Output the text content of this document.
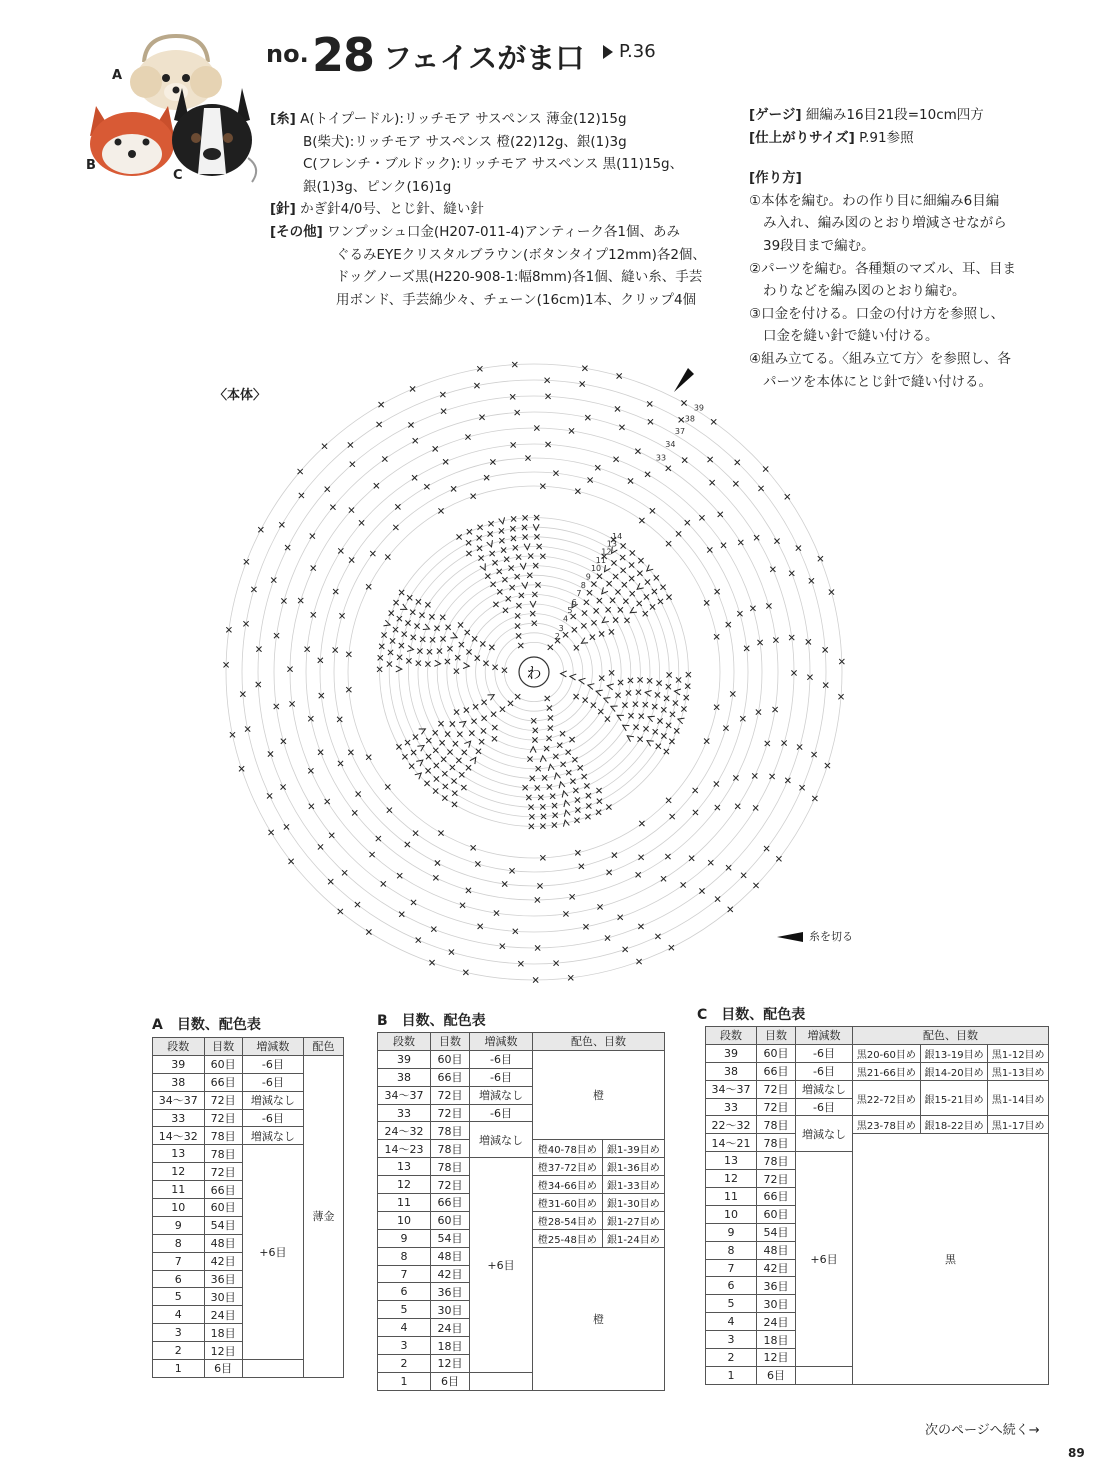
no. 28 フェイスがま口	P.36
A
B
C
[糸] A(トイプードル):リッチモア サスペンス 薄金(12)15g
B(柴犬):リッチモア サスペンス 橙(22)12g、銀(1)3g
C(フレンチ・ブルドック):リッチモア サスペンス 黒(11)15g、
銀(1)3g、ピンク(16)1g
[針] かぎ針4/0号、とじ針、縫い針
[その他] ワンプッシュ口金(H207-011-4)アンティーク各1個、あみ
ぐるみEYEクリスタルブラウン(ボタンタイプ12mm)各2個、
ドッグノーズ黒(H220-908-1:幅8mm)各1個、縫い糸、手芸
用ボンド、手芸綿少々、チェーン(16cm)1本、クリップ4個
[ゲージ] 細編み16目21段=10cm四方
[仕上がりサイズ] P.91参照
[作り方]
①本体を編む。わの作り目に細編み6目編
み入れ、編み図のとおり増減させながら
39段目まで編む。
②パーツを編む。各種類のマズル、耳、目ま
わりなどを編み図のとおり編む。
③口金を付ける。口金の付け方を参照し、
口金を縫い針で縫い付ける。
④組み立てる。〈組み立て方〉を参照し、各
パーツを本体にとじ針で縫い付ける。
〈本体〉
2
3
4
5
6
7
8
9
10
11
12
13
14
33
34
37
38
39
わ
糸を切る
A　目数、配色表
段数	目数	増減数	配色
39	60目	-6目	薄金
38	66目	-6目	
34～37	72目	増減なし	
33	72目	-6目	
14～32	78目	増減なし	
13	78目	+6目	
12	72目		
11	66目		
10	60目		
9	54目		
8	48目		
7	42目		
6	36目		
5	30目		
4	24目		
3	18目		
2	12目		
1	6目		
B　目数、配色表
段数	目数	増減数	配色、目数	
39	60目	-6目	橙	
38	66目	-6目		
34～37	72目	増減なし		
33	72目	-6目		
24～32	78目	増減なし		
14～23	78目		橙40-78目め	銀1-39目め
13	78目	+6目	橙37-72目め	銀1-36目め
12	72目		橙34-66目め	銀1-33目め
11	66目		橙31-60目め	銀1-30目め
10	60目		橙28-54目め	銀1-27目め
9	54目		橙25-48目め	銀1-24目め
8	48目		橙	
7	42目			
6	36目			
5	30目			
4	24目			
3	18目			
2	12目			
1	6目			
C　目数、配色表
段数	目数	増減数	配色、目数		
39	60目	-6目	黒20-60目め	銀13-19目め	黒1-12目め
38	66目	-6目	黒21-66目め	銀14-20目め	黒1-13目め
34～37	72目	増減なし	黒22-72目め	銀15-21目め	黒1-14目め
33	72目	-6目			
22～32	78目	増減なし	黒23-78目め	銀18-22目め	黒1-17目め
14～21	78目		黒		
13	78目	+6目			
12	72目				
11	66目				
10	60目				
9	54目				
8	48目				
7	42目				
6	36目				
5	30目				
4	24目				
3	18目				
2	12目				
1	6目				
次のページへ続く→
89
